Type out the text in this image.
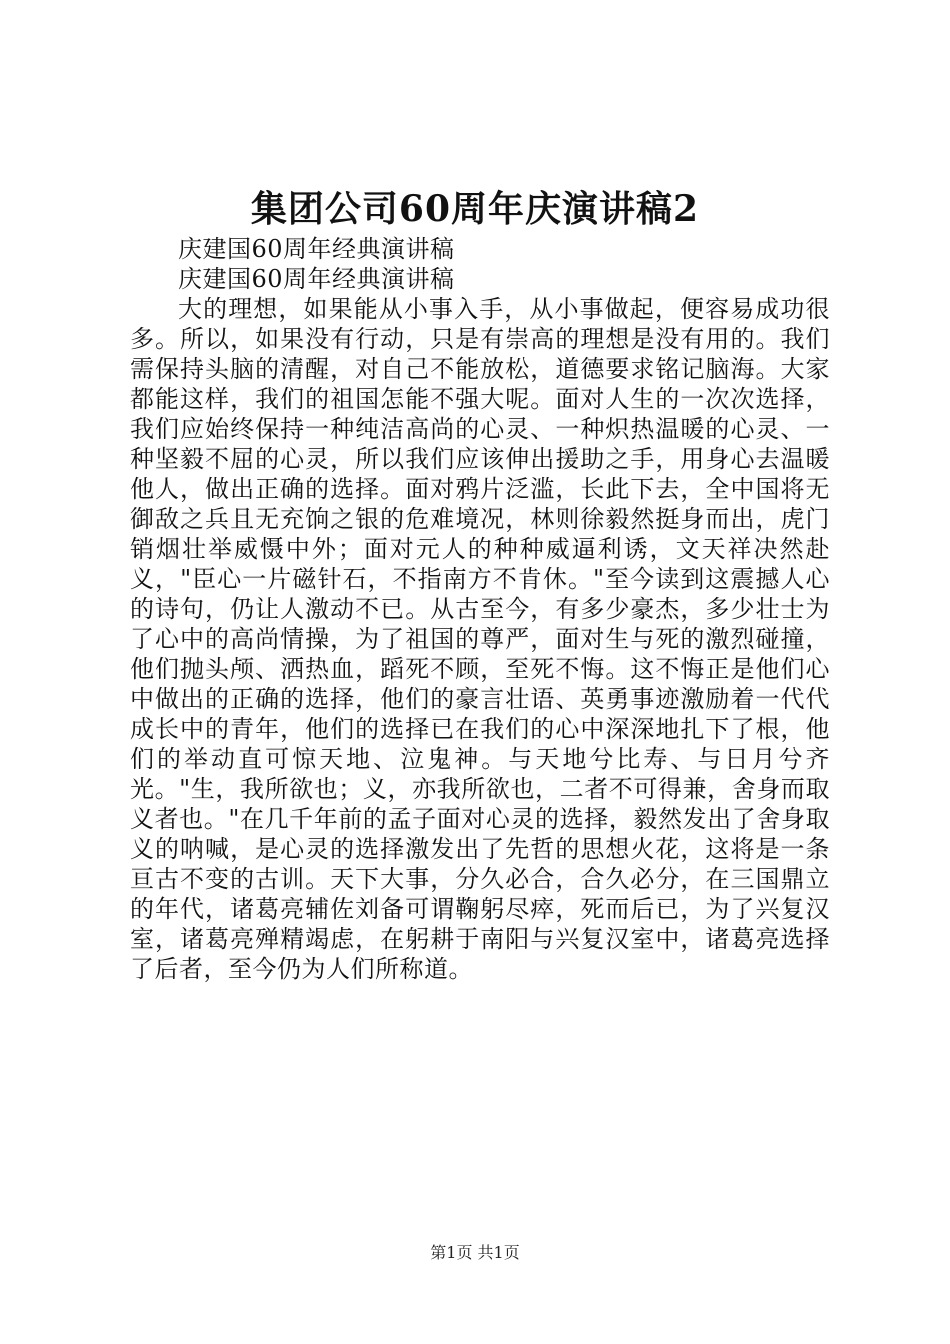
集团公司60周年庆演讲稿2

庆建国60周年经典演讲稿

庆建国60周年经典演讲稿

大的理想，如果能从小事入手，从小事做起，便容易成功很多。所以，如果没有行动，只是有崇高的理想是没有用的。我们需保持头脑的清醒，对自己不能放松，道德要求铭记脑海。大家都能这样，我们的祖国怎能不强大呢。面对人生的一次次选择，我们应始终保持一种纯洁高尚的心灵、一种炽热温暖的心灵、一种坚毅不屈的心灵，所以我们应该伸出援助之手，用身心去温暖他人，做出正确的选择。面对鸦片泛滥，长此下去，全中国将无御敌之兵且无充饷之银的危难境况，林则徐毅然挺身而出，虎门销烟壮举威慑中外；面对元人的种种威逼利诱，文天祥决然赴义，"臣心一片磁针石，不指南方不肯休。"至今读到这震撼人心的诗句，仍让人激动不已。从古至今，有多少豪杰，多少壮士为了心中的高尚情操，为了祖国的尊严，面对生与死的激烈碰撞，他们抛头颅、洒热血，蹈死不顾，至死不悔。这不悔正是他们心中做出的正确的选择，他们的豪言壮语、英勇事迹激励着一代代成长中的青年，他们的选择已在我们的心中深深地扎下了根，他们的举动直可惊天地、泣鬼神。与天地兮比寿、与日月兮齐光。"生，我所欲也；义，亦我所欲也，二者不可得兼，舍身而取义者也。"在几千年前的孟子面对心灵的选择，毅然发出了舍身取义的呐喊，是心灵的选择激发出了先哲的思想火花，这将是一条亘古不变的古训。天下大事，分久必合，合久必分，在三国鼎立的年代，诸葛亮辅佐刘备可谓鞠躬尽瘁，死而后已，为了兴复汉室，诸葛亮殚精竭虑，在躬耕于南阳与兴复汉室中，诸葛亮选择了后者，至今仍为人们所称道。

第1页 共1页
